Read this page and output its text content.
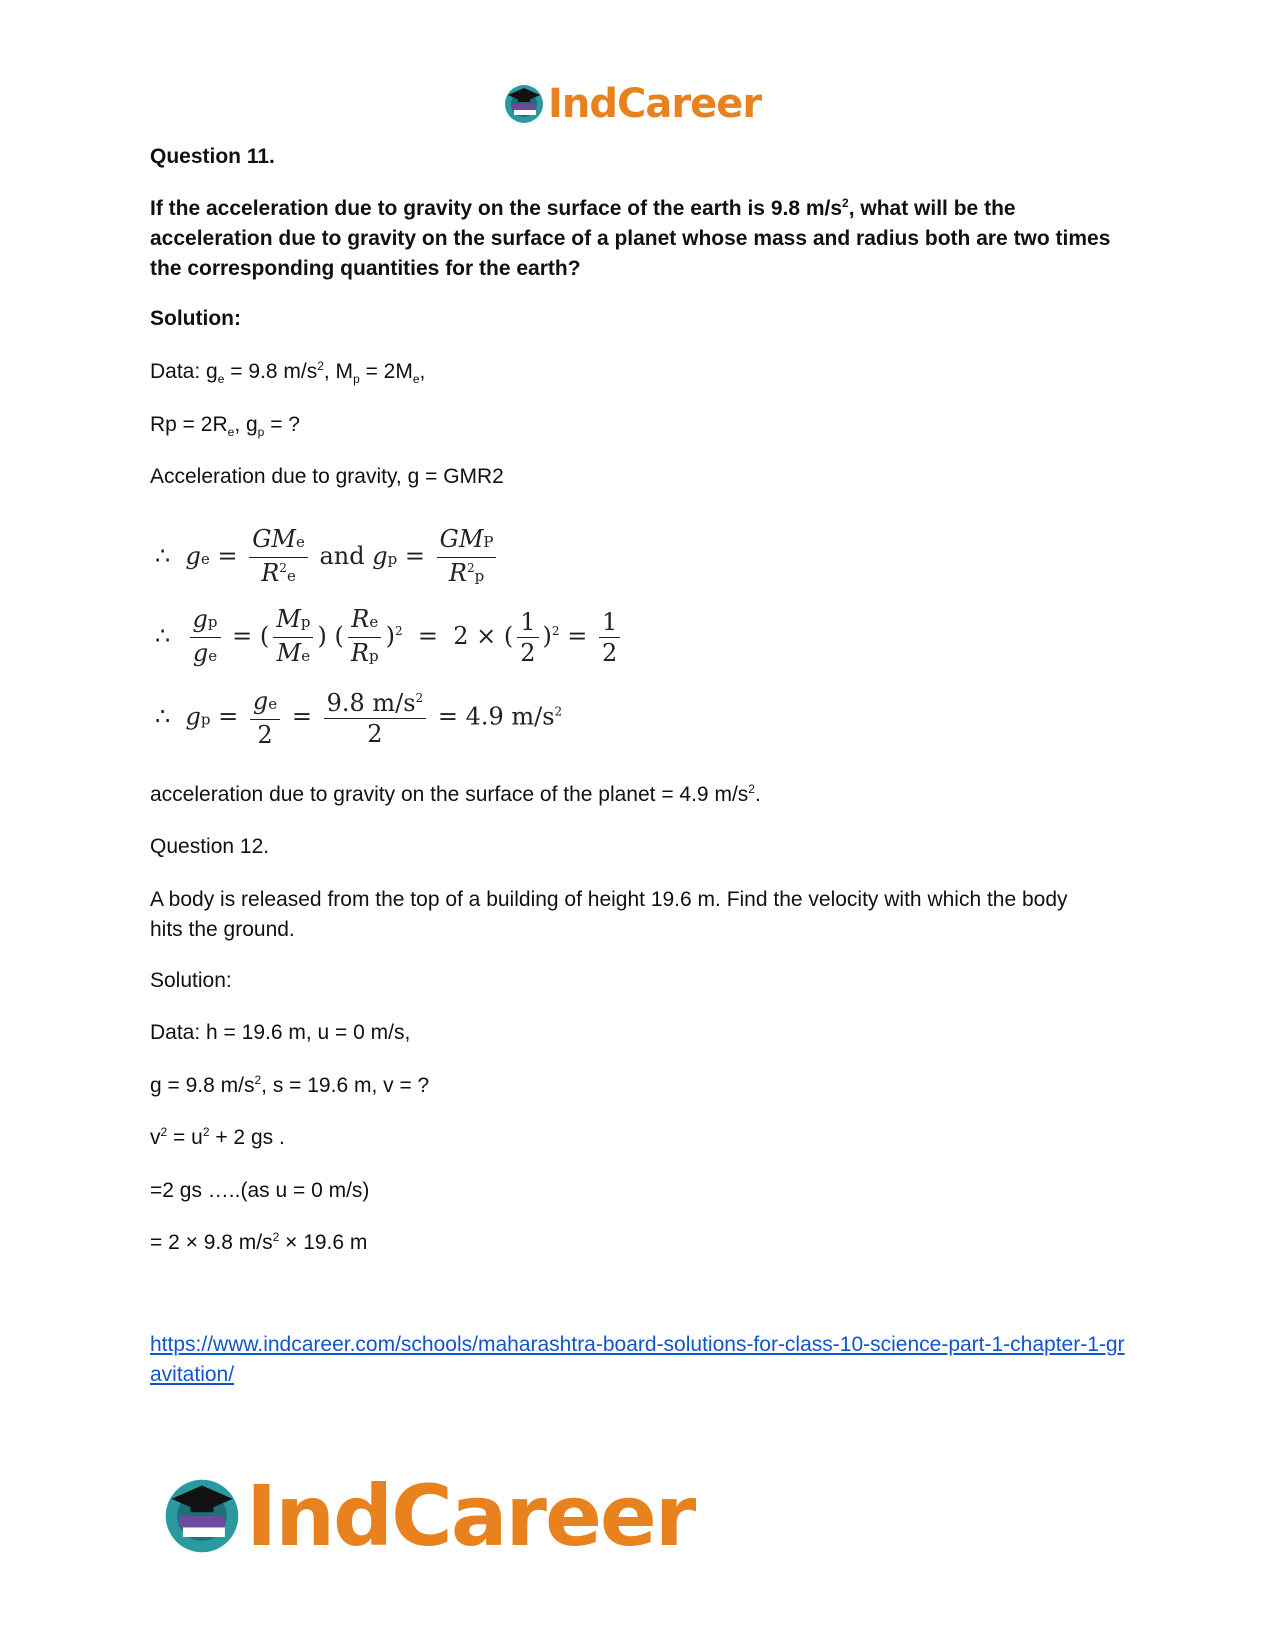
IndCareer
Question 11.
If the acceleration due to gravity on the surface of the earth is 9.8 $m/s^2$, what will be the acceleration due to gravity on the surface of a planet whose mass and radius both are two times the corresponding quantities for the earth?
Solution:
Data: $g_e = 9.8$ $m/s^2$, $M_p = 2M_e$,
$Rp = 2R_e$, $g_p$ = ?
Acceleration due to gravity, g = GMR2
∴ ge = $\frac{\text{GMe}}{R^2e}$ and gp = $\frac{\text{GMP}}{R^2p}$
∴ $\frac{gp}{ge}$ = ( $\frac{Mp}{Me}$ ) ( $\frac{Re}{Rp} )^2 = 2$ × ( $\frac{1}{2} )^2 = \frac{1}{2}$
∴ gp = $\frac{ge}{2} = \frac{9.8 m/s^2}{2} = 4.9$ $m/s^2$
acceleration due to gravity on the surface of the planet = 4.9 $m/s^2$.
Question 12.
A body is released from the top of a building of height 19.6 m. Find the velocity with which the body hits the ground.
Solution:
Data: h = 19.6 m, u = 0 m/s,
g = 9.8 $m/s^2$, s = 19.6 m, v = ?
$v^2 = u^2 + 2$ gs .
=2 gs …..(as u = 0 m/s)
= 2 × 9.8 $m/s^2 \times 19.6$ m
https://www.indcareer.com/schools/maharashtra-board-solutions-for-class-10-science-part-1-chapter-1-gravitation/
IndCareer
